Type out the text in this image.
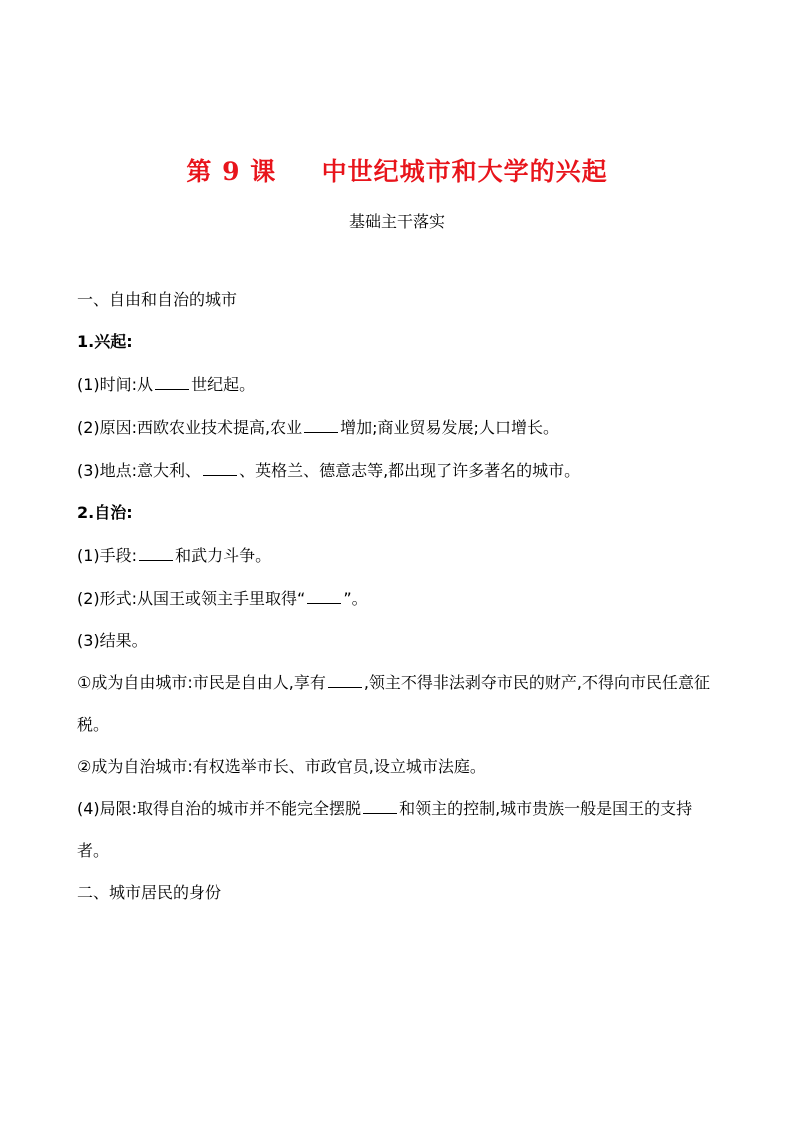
第 9 课 中世纪城市和大学的兴起
基础主干落实
一、自由和自治的城市
1.兴起:
(1)时间:从 世纪起。
(2)原因:西欧农业技术提高,农业 增加;商业贸易发展;人口增长。
(3)地点:意大利、 、英格兰、德意志等,都出现了许多著名的城市。
2.自治:
(1)手段: 和武力斗争。
(2)形式:从国王或领主手里取得“ ”。
(3)结果。
①成为自由城市:市民是自由人,享有 ,领主不得非法剥夺市民的财产,不得向市民任意征税。
②成为自治城市:有权选举市长、市政官员,设立城市法庭。
(4)局限:取得自治的城市并不能完全摆脱 和领主的控制,城市贵族一般是国王的支持者。
二、城市居民的身份
